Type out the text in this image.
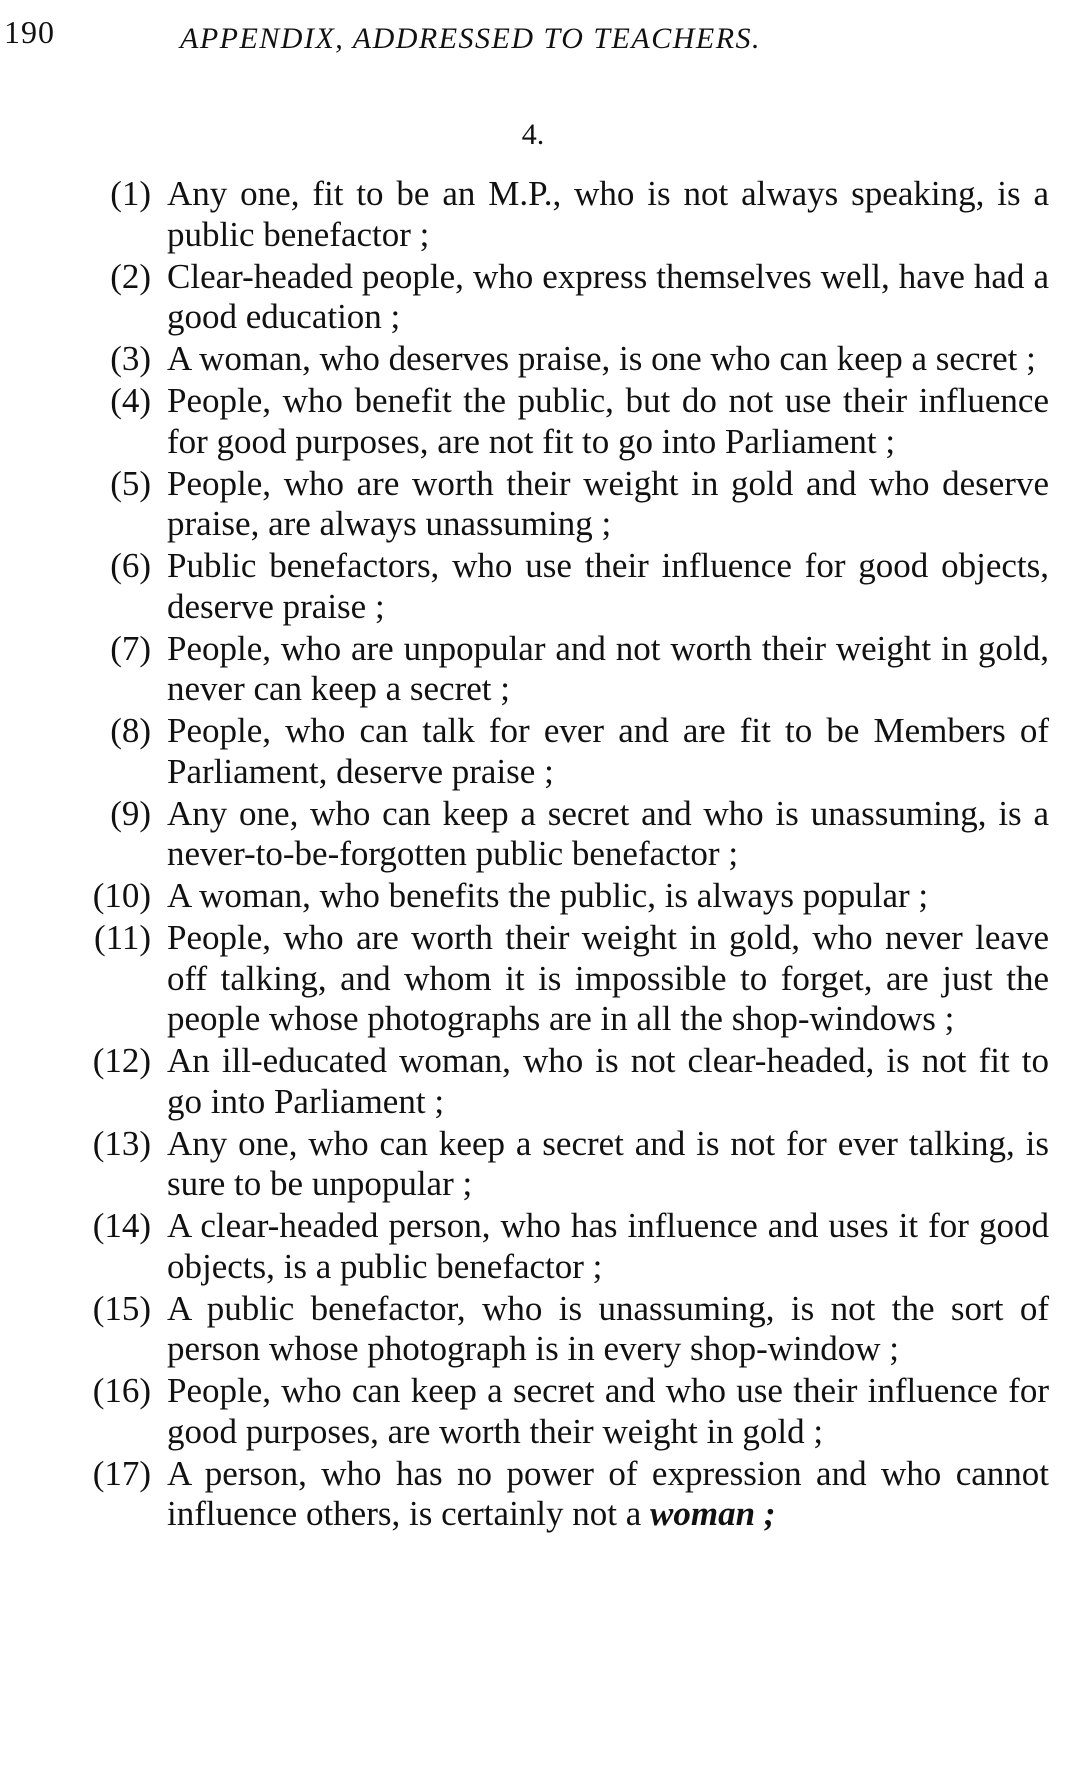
190	APPENDIX, ADDRESSED TO TEACHERS.
4.
(1) Any one, fit to be an M.P., who is not always speaking, is a public benefactor ;
(2) Clear-headed people, who express themselves well, have had a good education ;
(3) A woman, who deserves praise, is one who can keep a secret ;
(4) People, who benefit the public, but do not use their influence for good purposes, are not fit to go into Parliament ;
(5) People, who are worth their weight in gold and who deserve praise, are always unassuming ;
(6) Public benefactors, who use their influence for good objects, deserve praise ;
(7) People, who are unpopular and not worth their weight in gold, never can keep a secret ;
(8) People, who can talk for ever and are fit to be Members of Parliament, deserve praise ;
(9) Any one, who can keep a secret and who is unassuming, is a never-to-be-forgotten public benefactor ;
(10) A woman, who benefits the public, is always popular ;
(11) People, who are worth their weight in gold, who never leave off talking, and whom it is impossible to forget, are just the people whose photographs are in all the shop-windows ;
(12) An ill-educated woman, who is not clear-headed, is not fit to go into Parliament ;
(13) Any one, who can keep a secret and is not for ever talking, is sure to be unpopular ;
(14) A clear-headed person, who has influence and uses it for good objects, is a public benefactor ;
(15) A public benefactor, who is unassuming, is not the sort of person whose photograph is in every shop-window ;
(16) People, who can keep a secret and who use their influence for good purposes, are worth their weight in gold ;
(17) A person, who has no power of expression and who cannot influence others, is certainly not a woman ;
